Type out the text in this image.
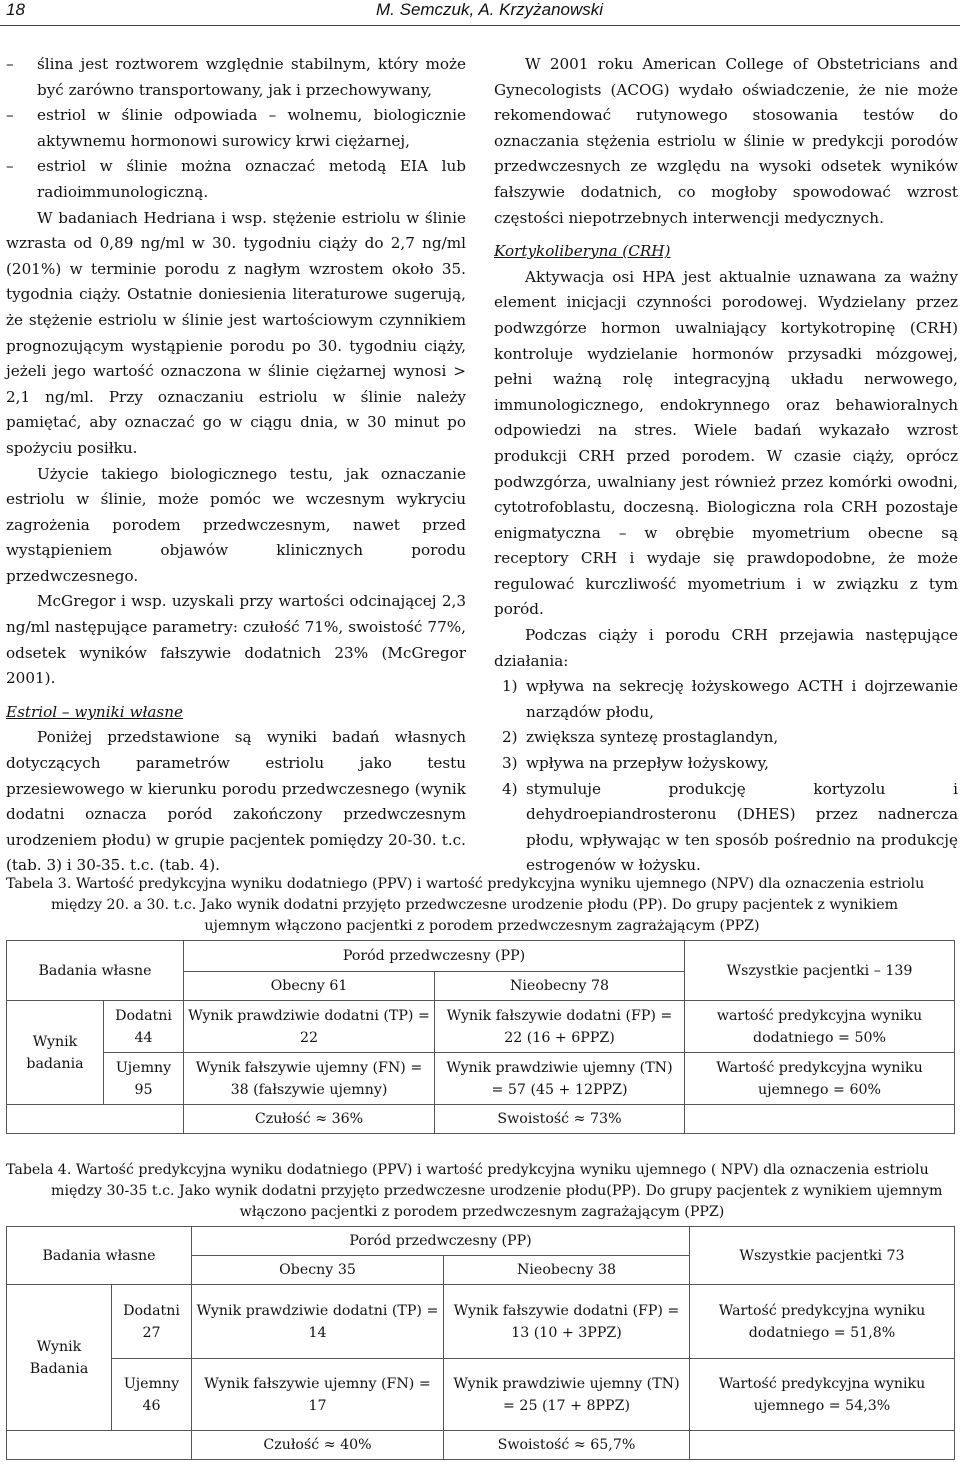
18	M. Semczuk, A. Krzyżanowski

– ślina jest roztworem względnie stabilnym, który może być zarówno transportowany, jak i przechowywany,

– estriol w ślinie odpowiada – wolnemu, biologicznie aktywnemu hormonowi surowicy krwi ciężarnej,

– estriol w ślinie można oznaczać metodą EIA lub radioimmunologiczną.

W badaniach Hedriana i wsp. stężenie estriolu w ślinie wzrasta od 0,89 ng/ml w 30. tygodniu ciąży do 2,7 ng/ml (201%) w terminie porodu z nagłym wzrostem około 35. tygodnia ciąży. Ostatnie doniesienia literaturowe sugerują, że stężenie estriolu w ślinie jest wartościowym czynnikiem prognozującym wystąpienie porodu po 30. tygodniu ciąży, jeżeli jego wartość oznaczona w ślinie ciężarnej wynosi > 2,1 ng/ml. Przy oznaczaniu estriolu w ślinie należy pamiętać, aby oznaczać go w ciągu dnia, w 30 minut po spożyciu posiłku.

Użycie takiego biologicznego testu, jak oznaczanie estriolu w ślinie, może pomóc we wczesnym wykryciu zagrożenia porodem przedwczesnym, nawet przed wystąpieniem objawów klinicznych porodu przedwczesnego.

McGregor i wsp. uzyskali przy wartości odcinającej 2,3 ng/ml następujące parametry: czułość 71%, swoistość 77%, odsetek wyników fałszywie dodatnich 23% (McGregor 2001).

Estriol – wyniki własne

Poniżej przedstawione są wyniki badań własnych dotyczących parametrów estriolu jako testu przesiewowego w kierunku porodu przedwczesnego (wynik dodatni oznacza poród zakończony przedwczesnym urodzeniem płodu) w grupie pacjentek pomiędzy 20-30. t.c. (tab. 3) i 30-35. t.c. (tab. 4).

W 2001 roku American College of Obstetricians and Gynecologists (ACOG) wydało oświadczenie, że nie może rekomendować rutynowego stosowania testów do oznaczania stężenia estriolu w ślinie w predykcji porodów przedwczesnych ze względu na wysoki odsetek wyników fałszywie dodatnich, co mogłoby spowodować wzrost częstości niepotrzebnych interwencji medycznych.

Kortykoliberyna (CRH)

Aktywacja osi HPA jest aktualnie uznawana za ważny element inicjacji czynności porodowej. Wydzielany przez podwzgórze hormon uwalniający kortykotropinę (CRH) kontroluje wydzielanie hormonów przysadki mózgowej, pełni ważną rolę integracyjną układu nerwowego, immunologicznego, endokrynnego oraz behawioralnych odpowiedzi na stres. Wiele badań wykazało wzrost produkcji CRH przed porodem. W czasie ciąży, oprócz podwzgórza, uwalniany jest również przez komórki owodni, cytotrofoblastu, doczesną. Biologiczna rola CRH pozostaje enigmatyczna – w obrębie myometrium obecne są receptory CRH i wydaje się prawdopodobne, że może regulować kurczliwość myometrium i w związku z tym poród.

Podczas ciąży i porodu CRH przejawia następujące działania:

1) wpływa na sekrecję łożyskowego ACTH i dojrzewanie narządów płodu,

2) zwiększa syntezę prostaglandyn,

3) wpływa na przepływ łożyskowy,

4) stymuluje produkcję kortyzolu i dehydroepiandrosteronu (DHES) przez nadnercza płodu, wpływając w ten sposób pośrednio na produkcję estrogenów w łożysku.

Tabela 3. Wartość predykcyjna wyniku dodatniego (PPV) i wartość predykcyjna wyniku ujemnego (NPV) dla oznaczenia estriolu
między 20. a 30. t.c. Jako wynik dodatni przyjęto przedwczesne urodzenie płodu (PP). Do grupy pacjentek z wynikiem
ujemnym włączono pacjentki z porodem przedwczesnym zagrażającym (PPZ)
Badania własne		Poród przedwczesny (PP)		Wszystkie pacjentki – 139
		Obecny 61	Nieobecny 78	
Wynik badania	Dodatni 44	Wynik prawdziwie dodatni (TP) = 22	Wynik fałszywie dodatni (FP) = 22 (16 + 6PPZ)	wartość predykcyjna wyniku dodatniego = 50%
	Ujemny 95	Wynik fałszywie ujemny (FN) = 38 (fałszywie ujemny)	Wynik prawdziwie ujemny (TN) = 57 (45 + 12PPZ)	Wartość predykcyjna wyniku ujemnego = 60%
		Czułość ≈ 36%	Swoistość ≈ 73%	
Tabela 4. Wartość predykcyjna wyniku dodatniego (PPV) i wartość predykcyjna wyniku ujemnego ( NPV) dla oznaczenia estriolu
między 30-35 t.c. Jako wynik dodatni przyjęto przedwczesne urodzenie płodu(PP). Do grupy pacjentek z wynikiem ujemnym
włączono pacjentki z porodem przedwczesnym zagrażającym (PPZ)
Badania własne		Poród przedwczesny (PP)		Wszystkie pacjentki 73
		Obecny 35	Nieobecny 38	
Wynik Badania	Dodatni 27	Wynik prawdziwie dodatni (TP) = 14	Wynik fałszywie dodatni (FP) = 13 (10 + 3PPZ)	Wartość predykcyjna wyniku dodatniego = 51,8%
	Ujemny 46	Wynik fałszywie ujemny (FN) = 17	Wynik prawdziwie ujemny (TN) = 25 (17 + 8PPZ)	Wartość predykcyjna wyniku ujemnego = 54,3%
		Czułość ≈ 40%	Swoistość ≈ 65,7%	
